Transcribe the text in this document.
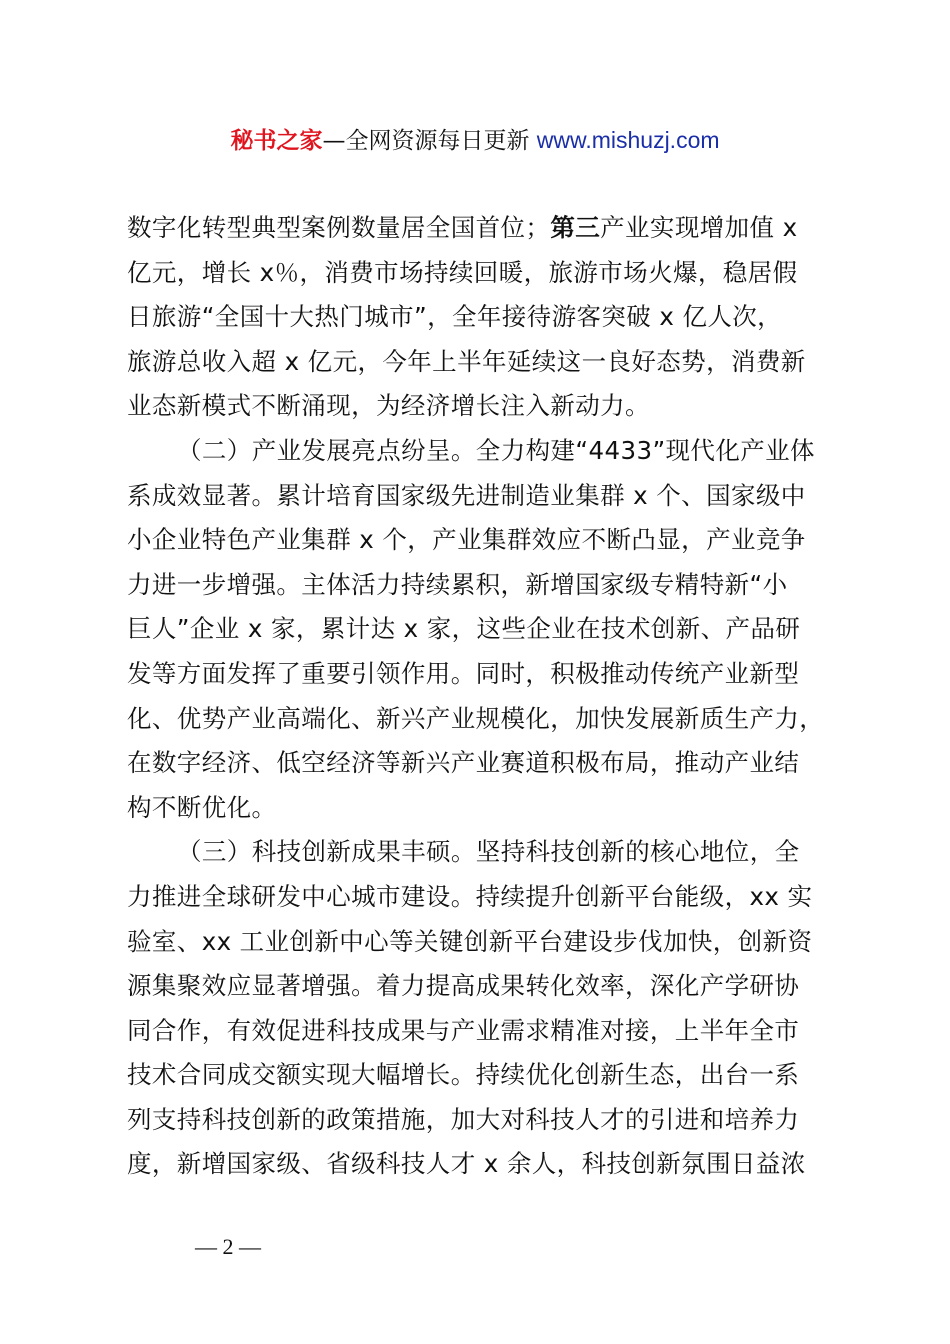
秘书之家—全网资源每日更新 www.mishuzj.com
数字化转型典型案例数量居全国首位；第三产业实现增加值 x
亿元，增长 x％，消费市场持续回暖，旅游市场火爆，稳居假
日旅游“全国十大热门城市”，全年接待游客突破 x 亿人次，
旅游总收入超 x 亿元，今年上半年延续这一良好态势，消费新
业态新模式不断涌现，为经济增长注入新动力。
（二）产业发展亮点纷呈。全力构建“4433”现代化产业体
系成效显著。累计培育国家级先进制造业集群 x 个、国家级中
小企业特色产业集群 x 个，产业集群效应不断凸显，产业竞争
力进一步增强。主体活力持续累积，新增国家级专精特新“小
巨人”企业 x 家，累计达 x 家，这些企业在技术创新、产品研
发等方面发挥了重要引领作用。同时，积极推动传统产业新型
化、优势产业高端化、新兴产业规模化，加快发展新质生产力，
在数字经济、低空经济等新兴产业赛道积极布局，推动产业结
构不断优化。
（三）科技创新成果丰硕。坚持科技创新的核心地位，全
力推进全球研发中心城市建设。持续提升创新平台能级，xx 实
验室、xx 工业创新中心等关键创新平台建设步伐加快，创新资
源集聚效应显著增强。着力提高成果转化效率，深化产学研协
同合作，有效促进科技成果与产业需求精准对接，上半年全市
技术合同成交额实现大幅增长。持续优化创新生态，出台一系
列支持科技创新的政策措施，加大对科技人才的引进和培养力
度，新增国家级、省级科技人才 x 余人，科技创新氛围日益浓
— 2 —
